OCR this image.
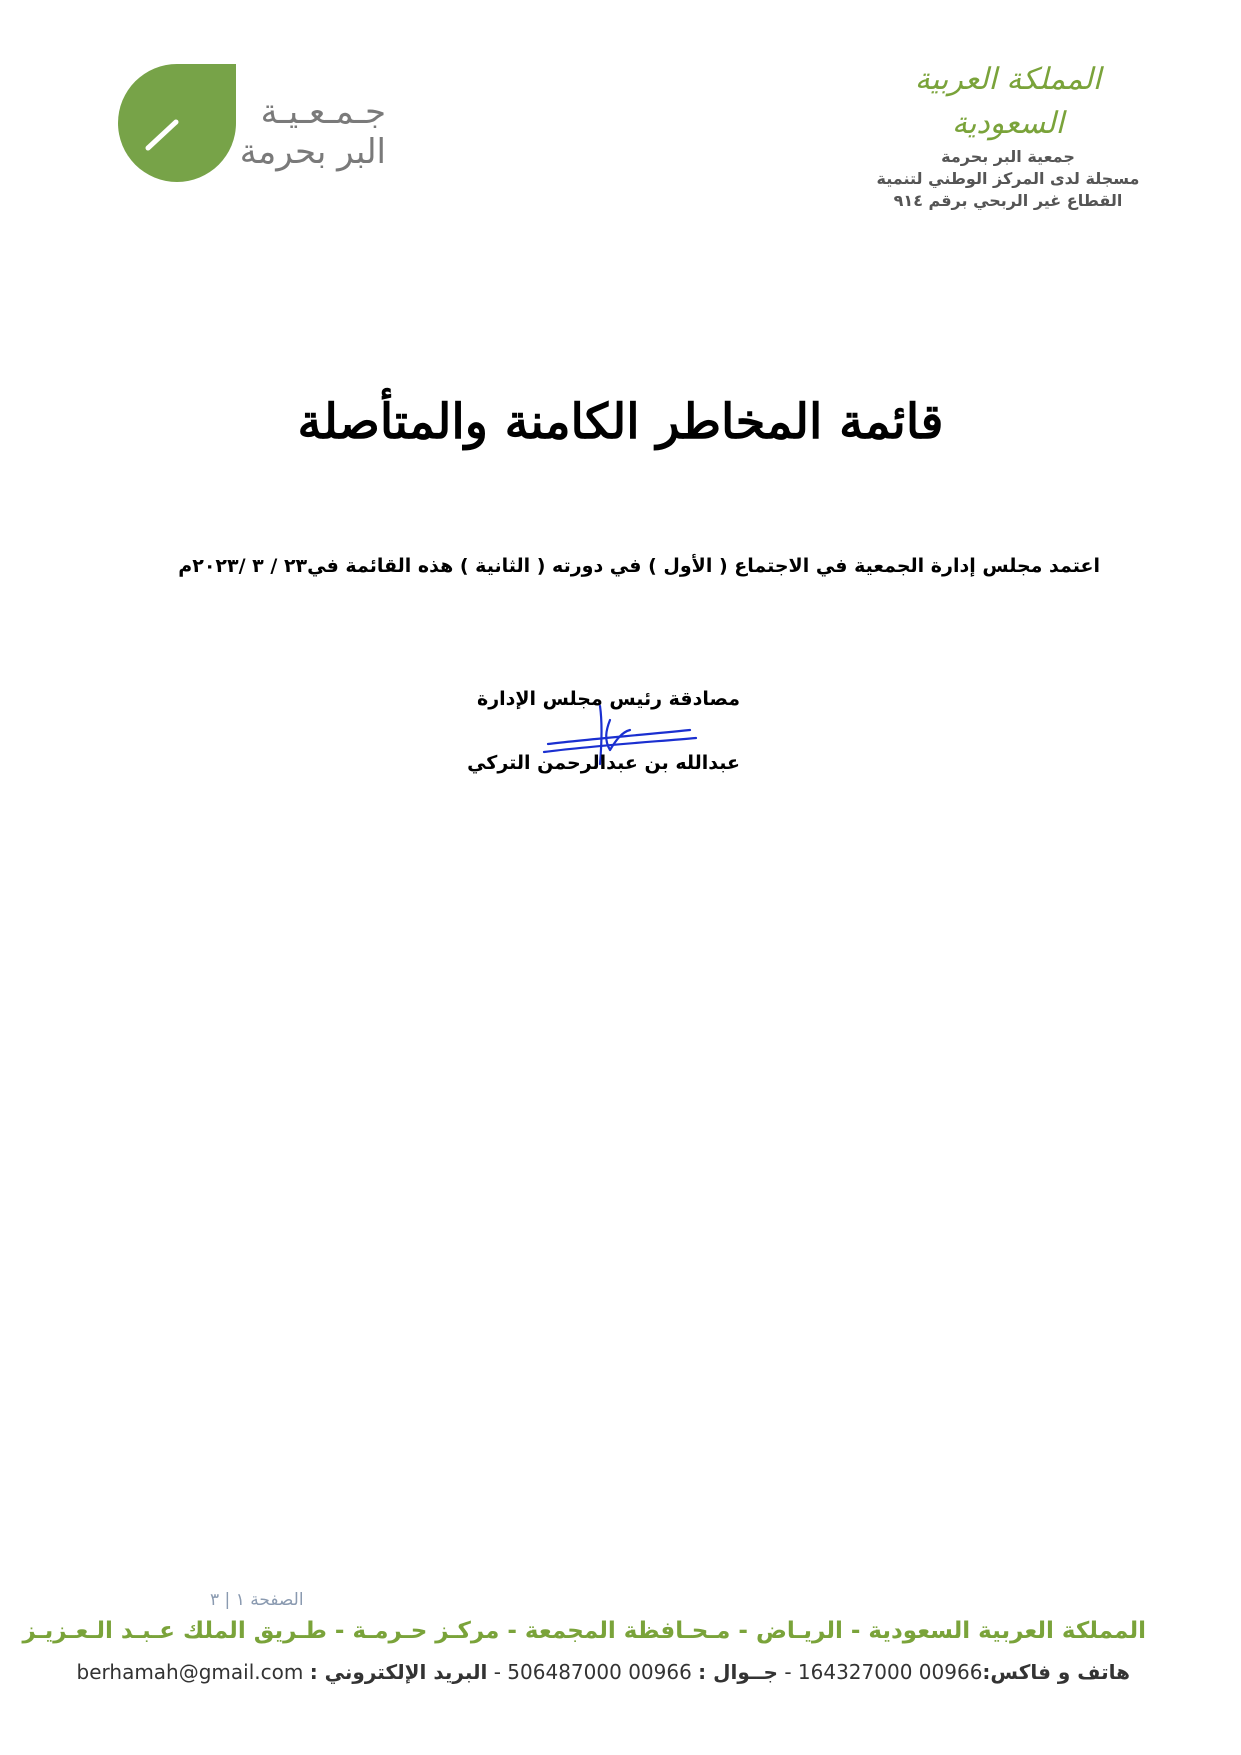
جـمـعـيـة
البر بحرمة
المملكة العربية السعودية
جمعية البر بحرمة
مسجلة لدى المركز الوطني لتنمية
القطاع غير الربحي برقم ٩١٤
قائمة المخاطر الكامنة والمتأصلة
اعتمد مجلس إدارة الجمعية في الاجتماع ( الأول ) في دورته ( الثانية ) هذه القائمة في٢٣ / ٣ /٢٠٢٣م
مصادقة رئيس مجلس الإدارة
عبدالله بن عبدالرحمن التركي
الصفحة ١ | ٣
المملكة العربية السعودية - الريـاض - مـحـافظة المجمعة - مركـز حـرمـة - طـريق الملك عـبـد الـعـزيـز
هاتف و فاكس:00966 164327000 - جــوال : 00966 506487000 - البريد الإلكتروني : berhamah@gmail.com
